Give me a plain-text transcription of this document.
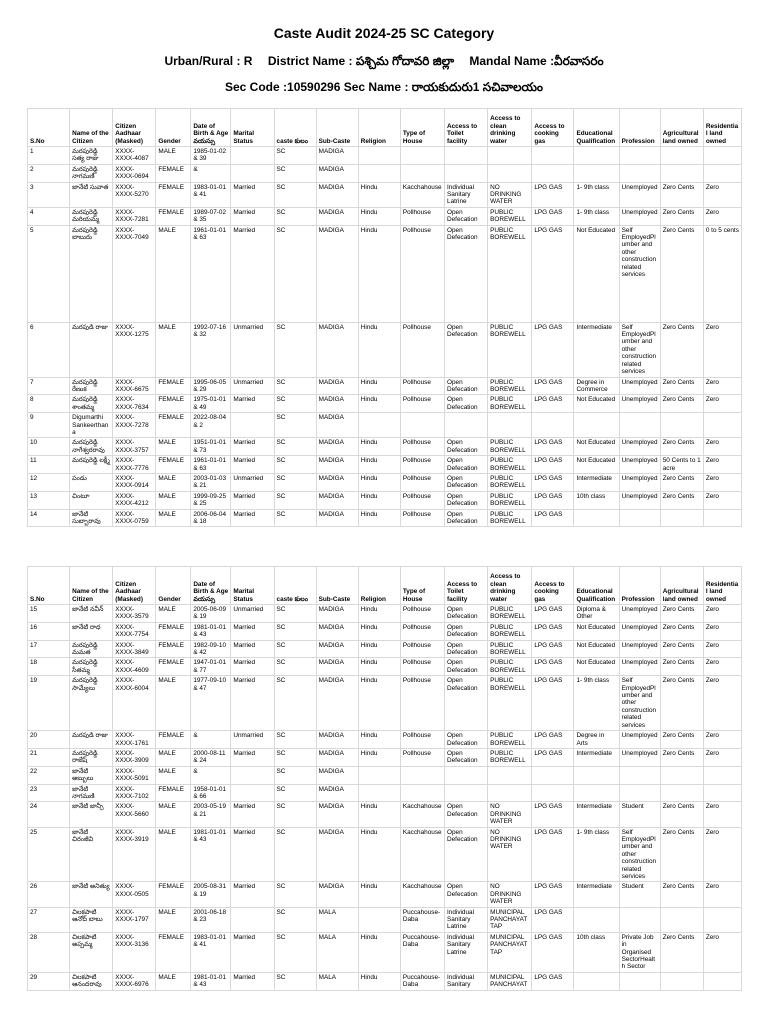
Caste Audit 2024-25 SC Category
Urban/Rural : R District Name : పశ్చిమ గోదావరి జిల్లా Mandal Name :వీరవాసరం
Sec Code :10590296 Sec Name : రాయకుదురు1 సచివాలయం
S.No	Name of the Citizen	Citizen Aadhaar (Masked)	Gender	Date of Birth & Age వయస్సు	Marital Status	caste కులం	Sub-Caste	Religion	Type of House	Access to Toilet facility	Access to clean drinking water	Access to cooking gas	Educational Qualification	Profession	Agricultural land owned	Residential land owned
1	మరపురెడ్డి సత్య రాజు	XXXX-XXXX-4087	MALE	1985-01-02 & 39		SC	MADIGA									
2	మరపురెడ్డి నాగమణి	XXXX-XXXX-0694	FEMALE	&		SC	MADIGA									
3	జానేటి సువాత	XXXX-XXXX-5270	FEMALE	1983-01-01 & 41	Married	SC	MADIGA	Hindu	Kacchahouse	Individual Sanitary Latrine	NO DRINKING WATER	LPG GAS	1- 9th class	Unemployed	Zero Cents	Zero
4	మరపురెడ్డి మరియమ్మ	XXXX-XXXX-7281	FEMALE	1989-07-02 & 35	Married	SC	MADIGA	Hindu	Pollhouse	Open Defecation	PUBLIC BOREWELL	LPG GAS	1- 9th class	Unemployed	Zero Cents	Zero
5	మరపురెడ్డి బాబురు	XXXX-XXXX-7049	MALE	1961-01-01 & 63	Married	SC	MADIGA	Hindu	Pollhouse	Open Defecation	PUBLIC BOREWELL	LPG GAS	Not Educated	Self EmployedPlumber and other construction related services	Zero Cents	0 to 5 cents
6	మరపుడి రాజు	XXXX-XXXX-1275	MALE	1992-07-16 & 32	Unmarried	SC	MADIGA	Hindu	Pollhouse	Open Defecation	PUBLIC BOREWELL	LPG GAS	Intermediate	Self EmployedPlumber and other construction related services	Zero Cents	Zero
7	మరపురెడ్డి రేణుక	XXXX-XXXX-6675	FEMALE	1995-06-05 & 29	Unmarried	SC	MADIGA	Hindu	Pollhouse	Open Defecation	PUBLIC BOREWELL	LPG GAS	Degree in Commerce	Unemployed	Zero Cents	Zero
8	మరపురెడ్డి శాంతమ్మ	XXXX-XXXX-7634	FEMALE	1975-01-01 & 49	Married	SC	MADIGA	Hindu	Pollhouse	Open Defecation	PUBLIC BOREWELL	LPG GAS	Not Educated	Unemployed	Zero Cents	Zero
9	Digumarthi Sankeerthana	XXXX-XXXX-7278	FEMALE	2022-08-04 & 2		SC	MADIGA									
10	మరపురెడ్డి నాగేశ్వరరావు	XXXX-XXXX-3757	MALE	1951-01-01 & 73	Married	SC	MADIGA	Hindu	Pollhouse	Open Defecation	PUBLIC BOREWELL	LPG GAS	Not Educated	Unemployed	Zero Cents	Zero
11	మరపురెడ్డి లక్ష్మీ	XXXX-XXXX-7776	FEMALE	1961-01-01 & 63	Married	SC	MADIGA	Hindu	Pollhouse	Open Defecation	PUBLIC BOREWELL	LPG GAS	Not Educated	Unemployed	50 Cents to 1 acre	Zero
12	పండు	XXXX-XXXX-0914	MALE	2003-01-03 & 21	Unmarried	SC	MADIGA	Hindu	Pollhouse	Open Defecation	PUBLIC BOREWELL	LPG GAS	Intermediate	Unemployed	Zero Cents	Zero
13	చింటూ	XXXX-XXXX-4212	MALE	1999-09-25 & 25	Married	SC	MADIGA	Hindu	Pollhouse	Open Defecation	PUBLIC BOREWELL	LPG GAS	10th class	Unemployed	Zero Cents	Zero
14	జానేటి సుబ్బారావు	XXXX-XXXX-0759	MALE	2006-06-04 & 18	Married	SC	MADIGA	Hindu	Pollhouse	Open Defecation	PUBLIC BOREWELL	LPG GAS				
S.No	Name of the Citizen	Citizen Aadhaar (Masked)	Gender	Date of Birth & Age వయస్సు	Marital Status	caste కులం	Sub-Caste	Religion	Type of House	Access to Toilet facility	Access to clean drinking water	Access to cooking gas	Educational Qualification	Profession	Agricultural land owned	Residential land owned
15	జానేటి నవీన్	XXXX-XXXX-3579	MALE	2005-06-09 & 19	Unmarried	SC	MADIGA	Hindu	Pollhouse	Open Defecation	PUBLIC BOREWELL	LPG GAS	Diploma & Other	Unemployed	Zero Cents	Zero
16	జానేటి రాధ	XXXX-XXXX-7754	FEMALE	1981-01-01 & 43	Married	SC	MADIGA	Hindu	Pollhouse	Open Defecation	PUBLIC BOREWELL	LPG GAS	Not Educated	Unemployed	Zero Cents	Zero
17	మరపురెడ్డి మమత	XXXX-XXXX-3849	FEMALE	1982-09-10 & 42	Married	SC	MADIGA	Hindu	Pollhouse	Open Defecation	PUBLIC BOREWELL	LPG GAS	Not Educated	Unemployed	Zero Cents	Zero
18	మరపురెడ్డి సీతమ్మ	XXXX-XXXX-4609	FEMALE	1947-01-01 & 77	Married	SC	MADIGA	Hindu	Pollhouse	Open Defecation	PUBLIC BOREWELL	LPG GAS	Not Educated	Unemployed	Zero Cents	Zero
19	మరపురెడ్డి సామ్యేలు	XXXX-XXXX-6004	MALE	1977-09-10 & 47	Married	SC	MADIGA	Hindu	Pollhouse	Open Defecation	PUBLIC BOREWELL	LPG GAS	1- 9th class	Self EmployedPlumber and other construction related services	Zero Cents	Zero
20	మరపుడి రాజు	XXXX-XXXX-1761	FEMALE	&	Unmarried	SC	MADIGA	Hindu	Pollhouse	Open Defecation	PUBLIC BOREWELL	LPG GAS	Degree in Arts	Unemployed	Zero Cents	Zero
21	మరపురెడ్డి రాజేష్	XXXX-XXXX-3909	MALE	2000-08-11 & 24	Married	SC	MADIGA	Hindu	Pollhouse	Open Defecation	PUBLIC BOREWELL	LPG GAS	Intermediate	Unemployed	Zero Cents	Zero
22	జానేటి అబ్బులు	XXXX-XXXX-5091	MALE	&		SC	MADIGA									
23	జానేటి నాగమణి	XXXX-XXXX-7102	FEMALE	1958-01-01 & 66		SC	MADIGA									
24	జానేటి జాన్సీ	XXXX-XXXX-5660	MALE	2003-05-19 & 21	Married	SC	MADIGA	Hindu	Kacchahouse	Open Defecation	NO DRINKING WATER	LPG GAS	Intermediate	Student	Zero Cents	Zero
25	జానేటి చిరంజీవి	XXXX-XXXX-3919	MALE	1981-01-01 & 43	Married	SC	MADIGA	Hindu	Kacchahouse	Open Defecation	NO DRINKING WATER	LPG GAS	1- 9th class	Self EmployedPlumber and other construction related services	Zero Cents	Zero
26	జానేటి అనిత్యు	XXXX-XXXX-0505	FEMALE	2005-08-31 & 19	Married	SC	MADIGA	Hindu	Kacchahouse	Open Defecation	NO DRINKING WATER	LPG GAS	Intermediate	Student	Zero Cents	Zero
27	చిలకపాటి ఆనోద్ బాబు	XXXX-XXXX-1797	MALE	2001-06-18 & 23		SC	MALA		Puccahouse-Daba	Individual Sanitary Latrine	MUNICIPAL PANCHAYAT TAP	LPG GAS				
28	చిలకపాటి అప్పమ్మ	XXXX-XXXX-3136	FEMALE	1983-01-01 & 41	Married	SC	MALA	Hindu	Puccahouse-Daba	Individual Sanitary Latrine	MUNICIPAL PANCHAYAT TAP	LPG GAS	10th class	Private Job in Organised SectorHealth Sector	Zero Cents	Zero
29	చిలకపాటి ఆనందరావు	XXXX-XXXX-6976	MALE	1981-01-01 & 43	Married	SC	MALA	Hindu	Puccahouse-Daba	Individual Sanitary	MUNICIPAL PANCHAYAT	LPG GAS				
